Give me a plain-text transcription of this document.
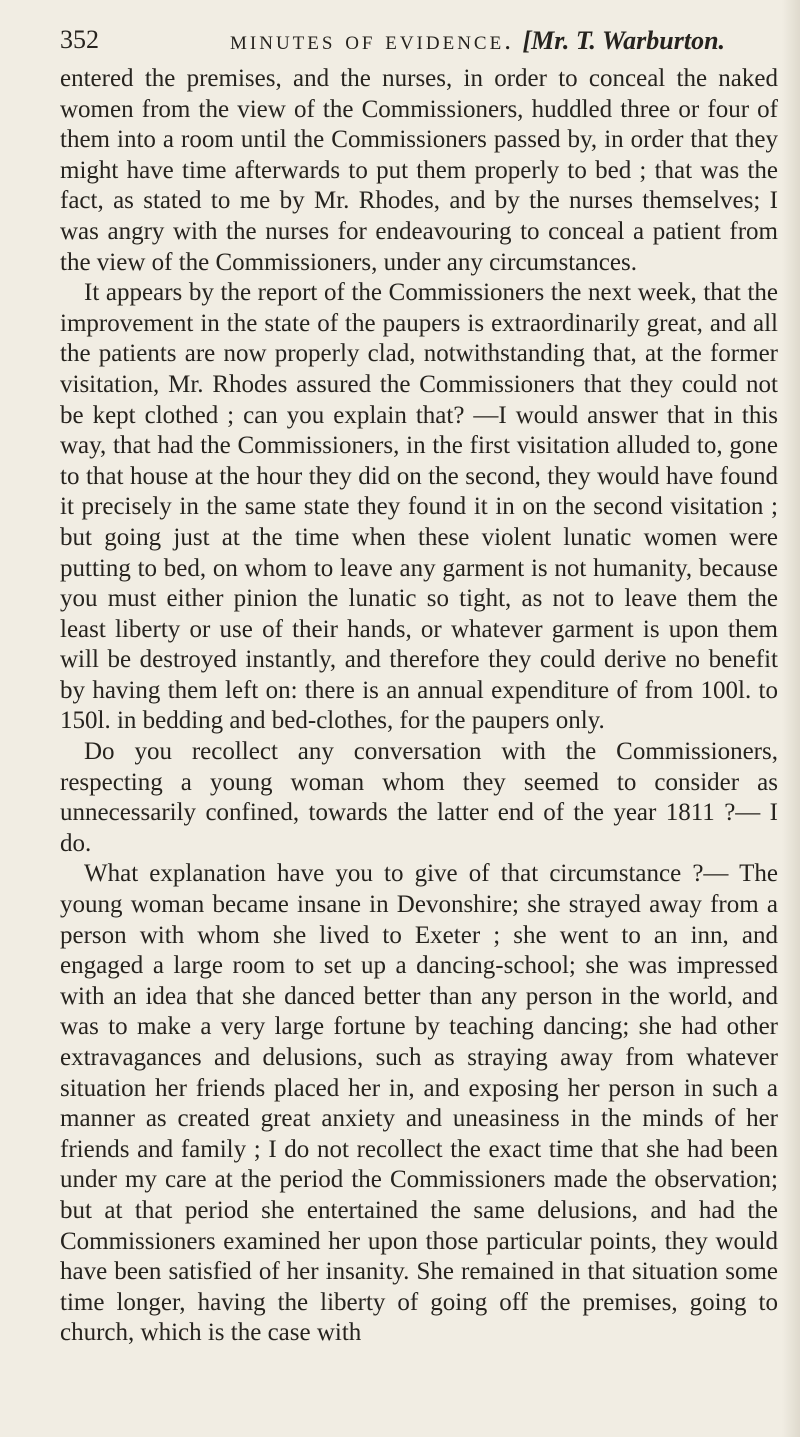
352	minutes of evidence. [Mr. T. Warburton.

entered the premises, and the nurses, in order to conceal the naked women from the view of the Commissioners, huddled three or four of them into a room until the Commissioners passed by, in order that they might have time afterwards to put them properly to bed ; that was the fact, as stated to me by Mr. Rhodes, and by the nurses themselves; I was angry with the nurses for endeavouring to conceal a patient from the view of the Commissioners, under any circumstances.

It appears by the report of the Commissioners the next week, that the improvement in the state of the paupers is extraordinarily great, and all the patients are now properly clad, notwithstanding that, at the former visitation, Mr. Rhodes assured the Commissioners that they could not be kept clothed ; can you explain that? —I would answer that in this way, that had the Commissioners, in the first visitation alluded to, gone to that house at the hour they did on the second, they would have found it precisely in the same state they found it in on the second visitation ; but going just at the time when these violent lunatic women were putting to bed, on whom to leave any garment is not humanity, because you must either pinion the lunatic so tight, as not to leave them the least liberty or use of their hands, or whatever garment is upon them will be destroyed instantly, and therefore they could derive no benefit by having them left on: there is an annual expenditure of from 100l. to 150l. in bedding and bed-clothes, for the paupers only.

Do you recollect any conversation with the Commissioners, respecting a young woman whom they seemed to consider as unnecessarily confined, towards the latter end of the year 1811 ?— I do.

What explanation have you to give of that circumstance ?— The young woman became insane in Devonshire; she strayed away from a person with whom she lived to Exeter ; she went to an inn, and engaged a large room to set up a dancing-school; she was impressed with an idea that she danced better than any person in the world, and was to make a very large fortune by teaching dancing; she had other extravagances and delusions, such as straying away from whatever situation her friends placed her in, and exposing her person in such a manner as created great anxiety and uneasiness in the minds of her friends and family ; I do not recollect the exact time that she had been under my care at the period the Commissioners made the observation; but at that period she entertained the same delusions, and had the Commissioners examined her upon those particular points, they would have been satisfied of her insanity. She remained in that situation some time longer, having the liberty of going off the premises, going to church, which is the case with
